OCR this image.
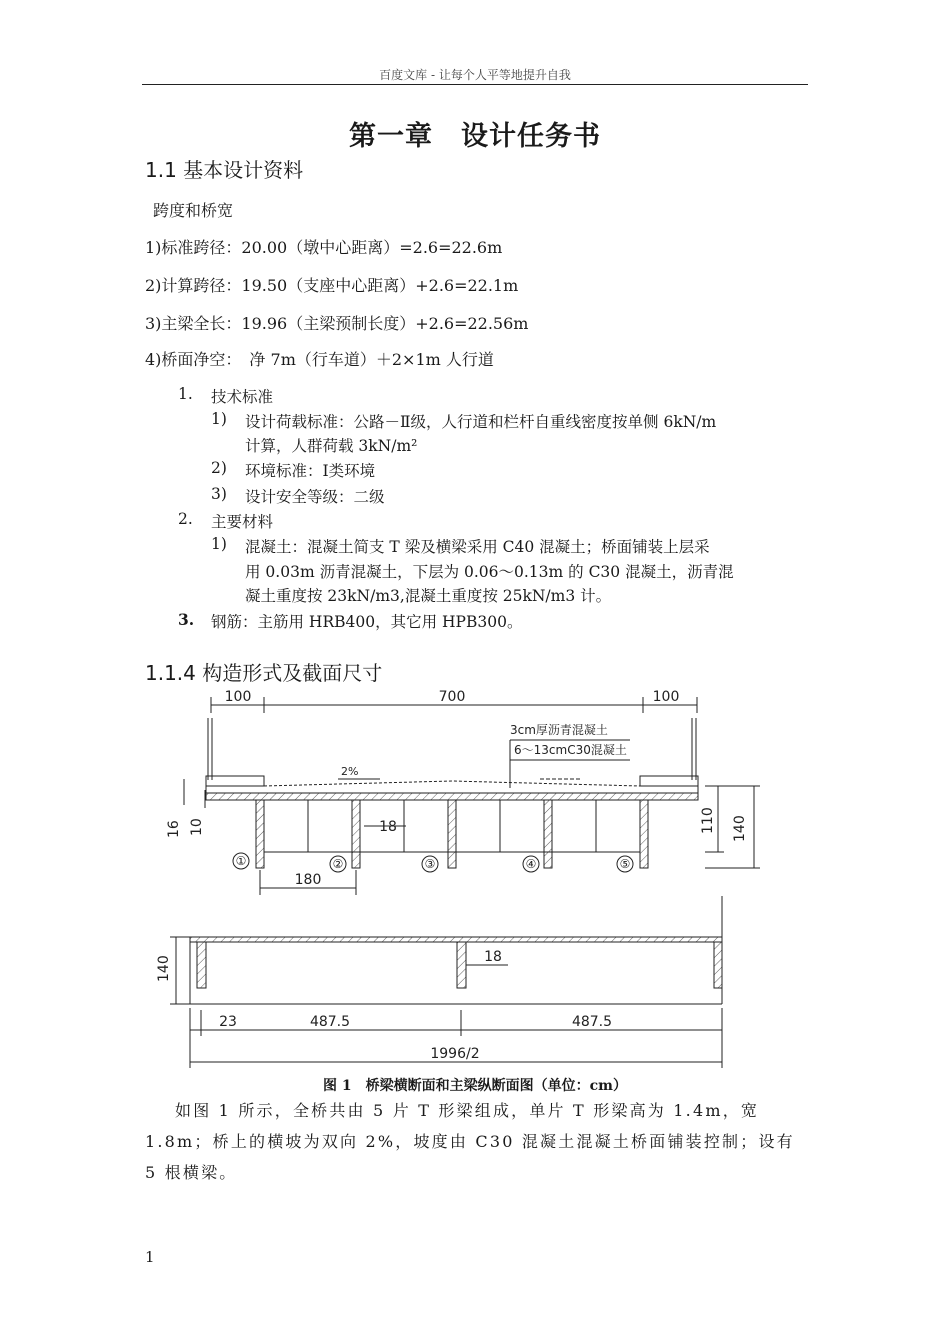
百度文库 - 让每个人平等地提升自我
第一章　设计任务书
1.1 基本设计资料
跨度和桥宽
1)标准跨径：20.00（墩中心距离）=2.6=22.6m
2)计算跨径：19.50（支座中心距离）+2.6=22.1m
3)主梁全长：19.96（主梁预制长度）+2.6=22.56m
4)桥面净空：　净 7m（行车道）＋2×1m 人行道
1. 技术标准
1) 设计荷载标准：公路－Ⅱ级，人行道和栏杆自重线密度按单侧 6kN/m
计算，人群荷载 3kN/m²
2) 环境标准：Ⅰ类环境
3) 设计安全等级：二级
2. 主要材料
1) 混凝土：混凝土简支 T 梁及横梁采用 C40 混凝土；桥面铺装上层采
用 0.03m 沥青混凝土，下层为 0.06～0.13m 的 C30 混凝土，沥青混
凝土重度按 23kN/m3,混凝土重度按 25kN/m3 计。
3. 钢筋：主筋用 HRB400，其它用 HPB300。
1.1.4 构造形式及截面尺寸
100	700	100
3cm厚沥青混凝土
6～13cmC30混凝土
2%
16 10	18	110 140
①	②	③	④	⑤
180
140	18
23	487.5	487.5
1996/2
图 1　桥梁横断面和主梁纵断面图（单位：cm）
如图 1 所示，全桥共由 5 片 T 形梁组成，单片 T 形梁高为 1.4m，宽 1.8m；桥上的横坡为双向 2%，坡度由 C30 混凝土混凝土桥面铺装控制；设有 5 根横梁。
1
